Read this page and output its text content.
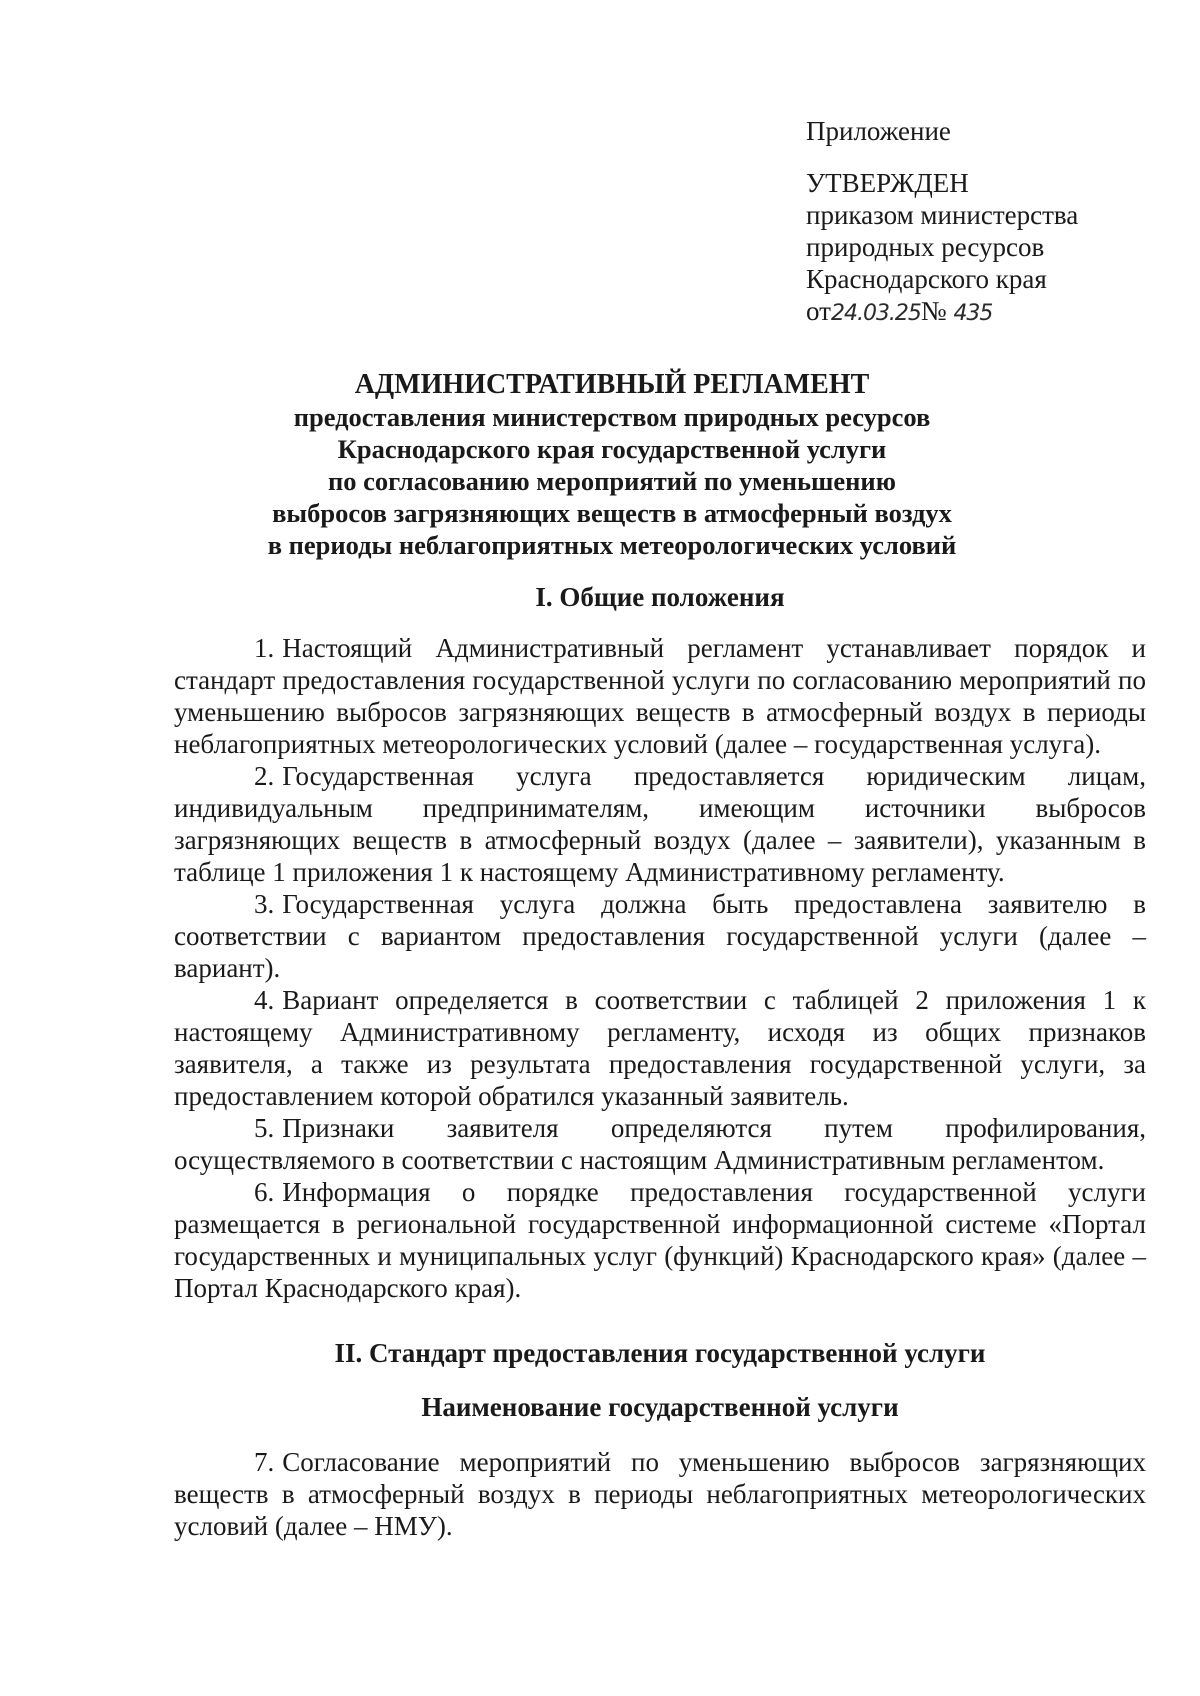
Приложение
УТВЕРЖДЕН
приказом министерства
природных ресурсов
Краснодарского края
от24.03.25№ 435
АДМИНИСТРАТИВНЫЙ РЕГЛАМЕНТ
предоставления министерством природных ресурсов
Краснодарского края государственной услуги
по согласованию мероприятий по уменьшению
выбросов загрязняющих веществ в атмосферный воздух
в периоды неблагоприятных метеорологических условий

I. Общие положения

1. Настоящий Административный регламент устанавливает порядок и стандарт предоставления государственной услуги по согласованию мероприятий по уменьшению выбросов загрязняющих веществ в атмосферный воздух в периоды неблагоприятных метеорологических условий (далее – государственная услуга).

2. Государственная услуга предоставляется юридическим лицам, индивидуальным предпринимателям, имеющим источники выбросов загрязняющих веществ в атмосферный воздух (далее – заявители), указанным в таблице 1 приложения 1 к настоящему Административному регламенту.

3. Государственная услуга должна быть предоставлена заявителю в соответствии с вариантом предоставления государственной услуги (далее – вариант).

4. Вариант определяется в соответствии с таблицей 2 приложения 1 к настоящему Административному регламенту, исходя из общих признаков заявителя, а также из результата предоставления государственной услуги, за предоставлением которой обратился указанный заявитель.

5. Признаки заявителя определяются путем профилирования, осуществляемого в соответствии с настоящим Административным регламентом.

6. Информация о порядке предоставления государственной услуги размещается в региональной государственной информационной системе «Портал государственных и муниципальных услуг (функций) Краснодарского края» (далее – Портал Краснодарского края).

II. Стандарт предоставления государственной услуги

Наименование государственной услуги

7. Согласование мероприятий по уменьшению выбросов загрязняющих веществ в атмосферный воздух в периоды неблагоприятных метеорологических условий (далее – НМУ).
